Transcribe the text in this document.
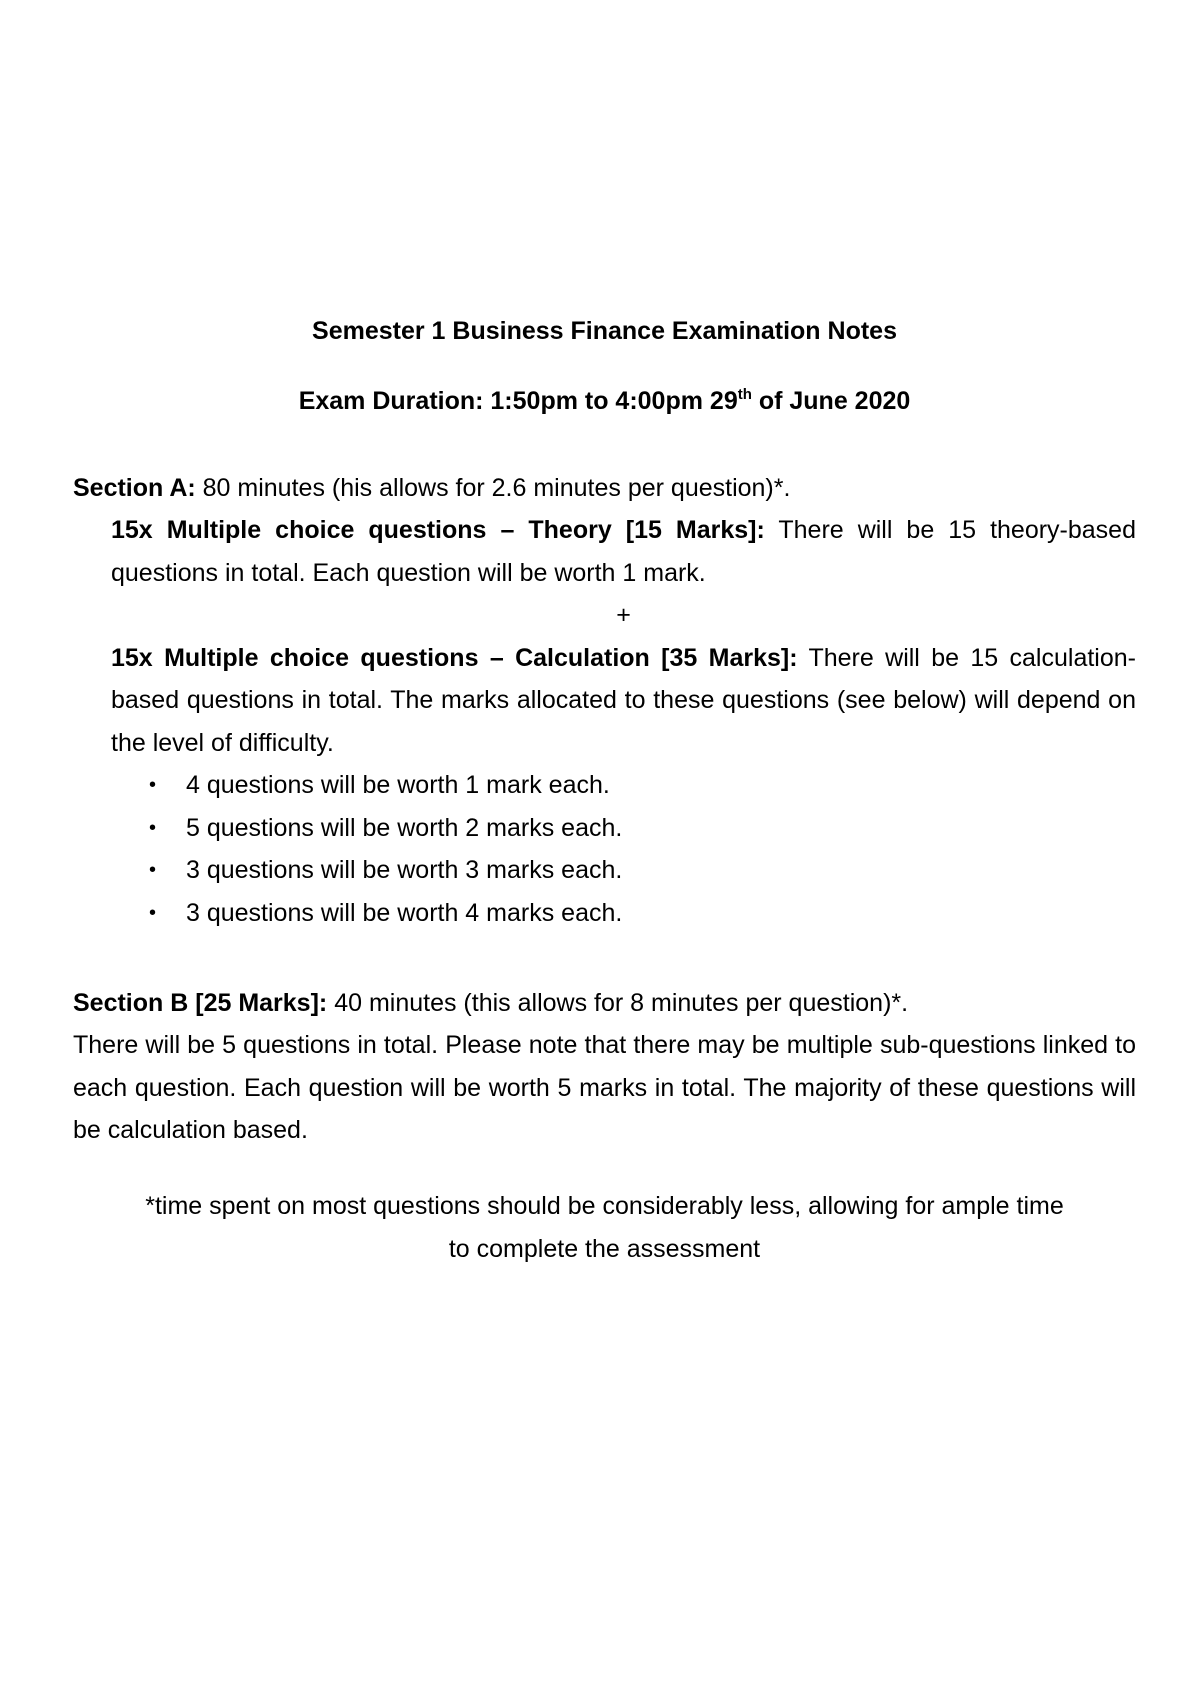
Semester 1 Business Finance Examination Notes
Exam Duration: 1:50pm to 4:00pm 29th of June 2020
Section A: 80 minutes (his allows for 2.6 minutes per question)*.
15x Multiple choice questions – Theory [15 Marks]: There will be 15 theory-based questions in total. Each question will be worth 1 mark.
+
15x Multiple choice questions – Calculation [35 Marks]: There will be 15 calculation-based questions in total. The marks allocated to these questions (see below) will depend on the level of difficulty.
• 4 questions will be worth 1 mark each.
• 5 questions will be worth 2 marks each.
• 3 questions will be worth 3 marks each.
• 3 questions will be worth 4 marks each.
Section B [25 Marks]: 40 minutes (this allows for 8 minutes per question)*.
There will be 5 questions in total. Please note that there may be multiple sub-questions linked to each question. Each question will be worth 5 marks in total. The majority of these questions will be calculation based.
*time spent on most questions should be considerably less, allowing for ample time
to complete the assessment
